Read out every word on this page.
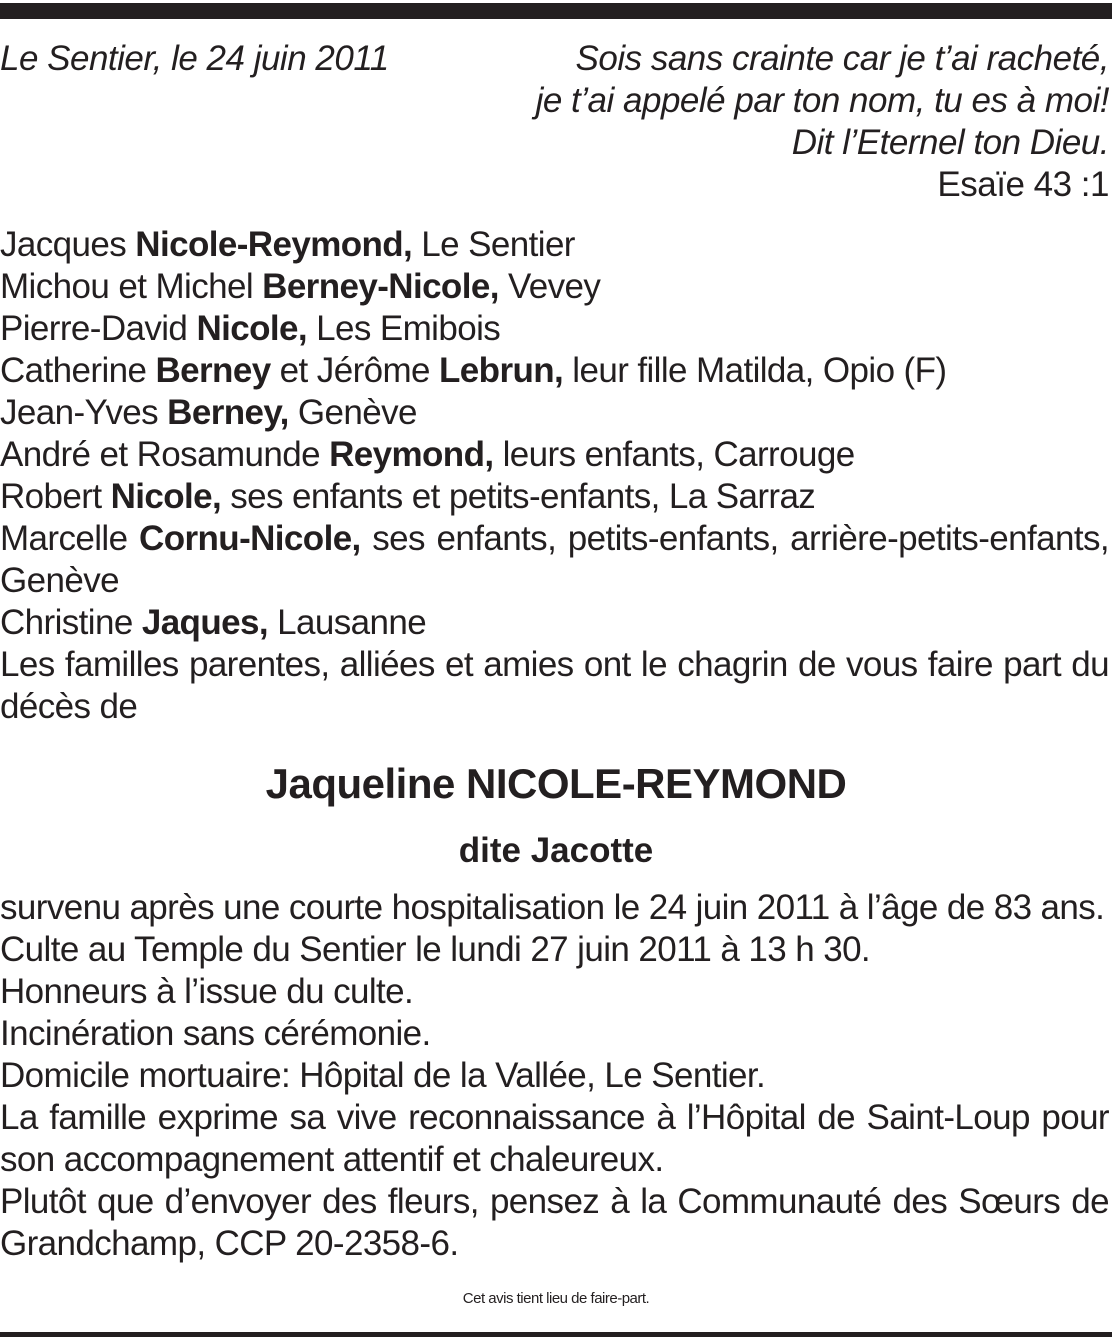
Le Sentier, le 24 juin 2011	Sois sans crainte car je t’ai racheté,
je t’ai appelé par ton nom, tu es à moi!
Dit l’Eternel ton Dieu.
Esaïe 43 :1
Jacques Nicole-Reymond, Le Sentier
Michou et Michel Berney-Nicole, Vevey
Pierre-David Nicole, Les Emibois
Catherine Berney et Jérôme Lebrun, leur fille Matilda, Opio (F)
Jean-Yves Berney, Genève
André et Rosamunde Reymond, leurs enfants, Carrouge
Robert Nicole, ses enfants et petits-enfants, La Sarraz
Marcelle Cornu-Nicole, ses enfants, petits-enfants, arrière-petits-enfants, Genève
Christine Jaques, Lausanne
Les familles parentes, alliées et amies ont le chagrin de vous faire part du décès de
Jaqueline NICOLE-REYMOND
dite Jacotte
survenu après une courte hospitalisation le 24 juin 2011 à l’âge de 83 ans.
Culte au Temple du Sentier le lundi 27 juin 2011 à 13 h 30.
Honneurs à l’issue du culte.
Incinération sans cérémonie.
Domicile mortuaire: Hôpital de la Vallée, Le Sentier.
La famille exprime sa vive reconnaissance à l’Hôpital de Saint-Loup pour son accompagnement attentif et chaleureux.
Plutôt que d’envoyer des fleurs, pensez à la Communauté des Sœurs de Grandchamp, CCP 20-2358-6.
Cet avis tient lieu de faire-part.
